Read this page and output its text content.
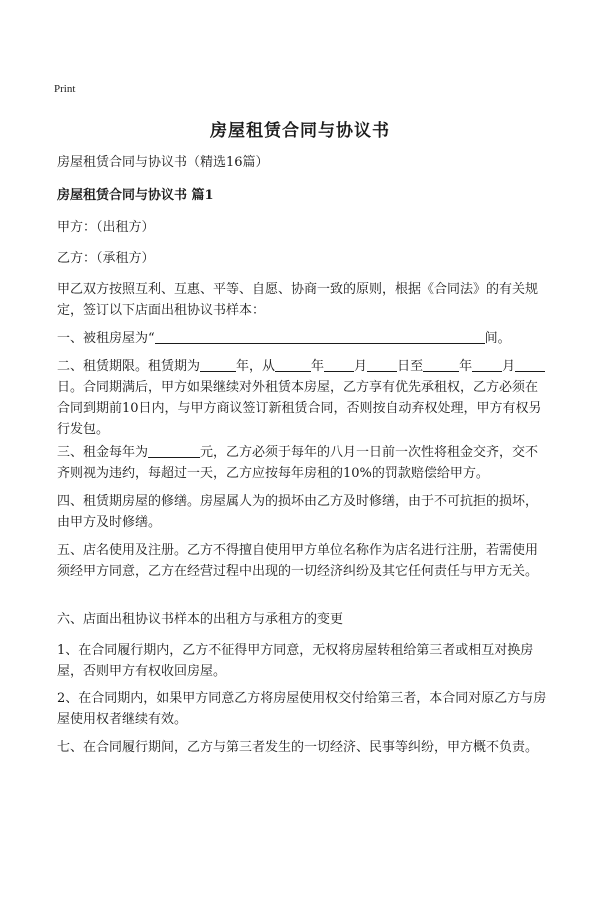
Print
房屋租赁合同与协议书

房屋租赁合同与协议书（精选16篇）

房屋租赁合同与协议书 篇1

甲方：（出租方）

乙方：（承租方）

甲乙双方按照互利、互惠、平等、自愿、协商一致的原则，根据《合同法》的有关规定，签订以下店面出租协议书样本：

一、被租房屋为“	间。

二、租赁期限。租赁期为	年，从	年 月 日至	年 月日。合同期满后，甲方如果继续对外租赁本房屋，乙方享有优先承租权，乙方必须在合同到期前10日内，与甲方商议签订新租赁合同，否则按自动弃权处理，甲方有权另行发包。

三、租金每年为	元，乙方必须于每年的八月一日前一次性将租金交齐，交不齐则视为违约，每超过一天，乙方应按每年房租的10%的罚款赔偿给甲方。

四、租赁期房屋的修缮。房屋属人为的损坏由乙方及时修缮，由于不可抗拒的损坏，由甲方及时修缮。

五、店名使用及注册。乙方不得擅自使用甲方单位名称作为店名进行注册，若需使用须经甲方同意，乙方在经营过程中出现的一切经济纠纷及其它任何责任与甲方无关。

六、店面出租协议书样本的出租方与承租方的变更

1、在合同履行期内，乙方不征得甲方同意，无权将房屋转租给第三者或相互对换房屋，否则甲方有权收回房屋。

2、在合同期内，如果甲方同意乙方将房屋使用权交付给第三者，本合同对原乙方与房屋使用权者继续有效。

七、在合同履行期间，乙方与第三者发生的一切经济、民事等纠纷，甲方概不负责。
